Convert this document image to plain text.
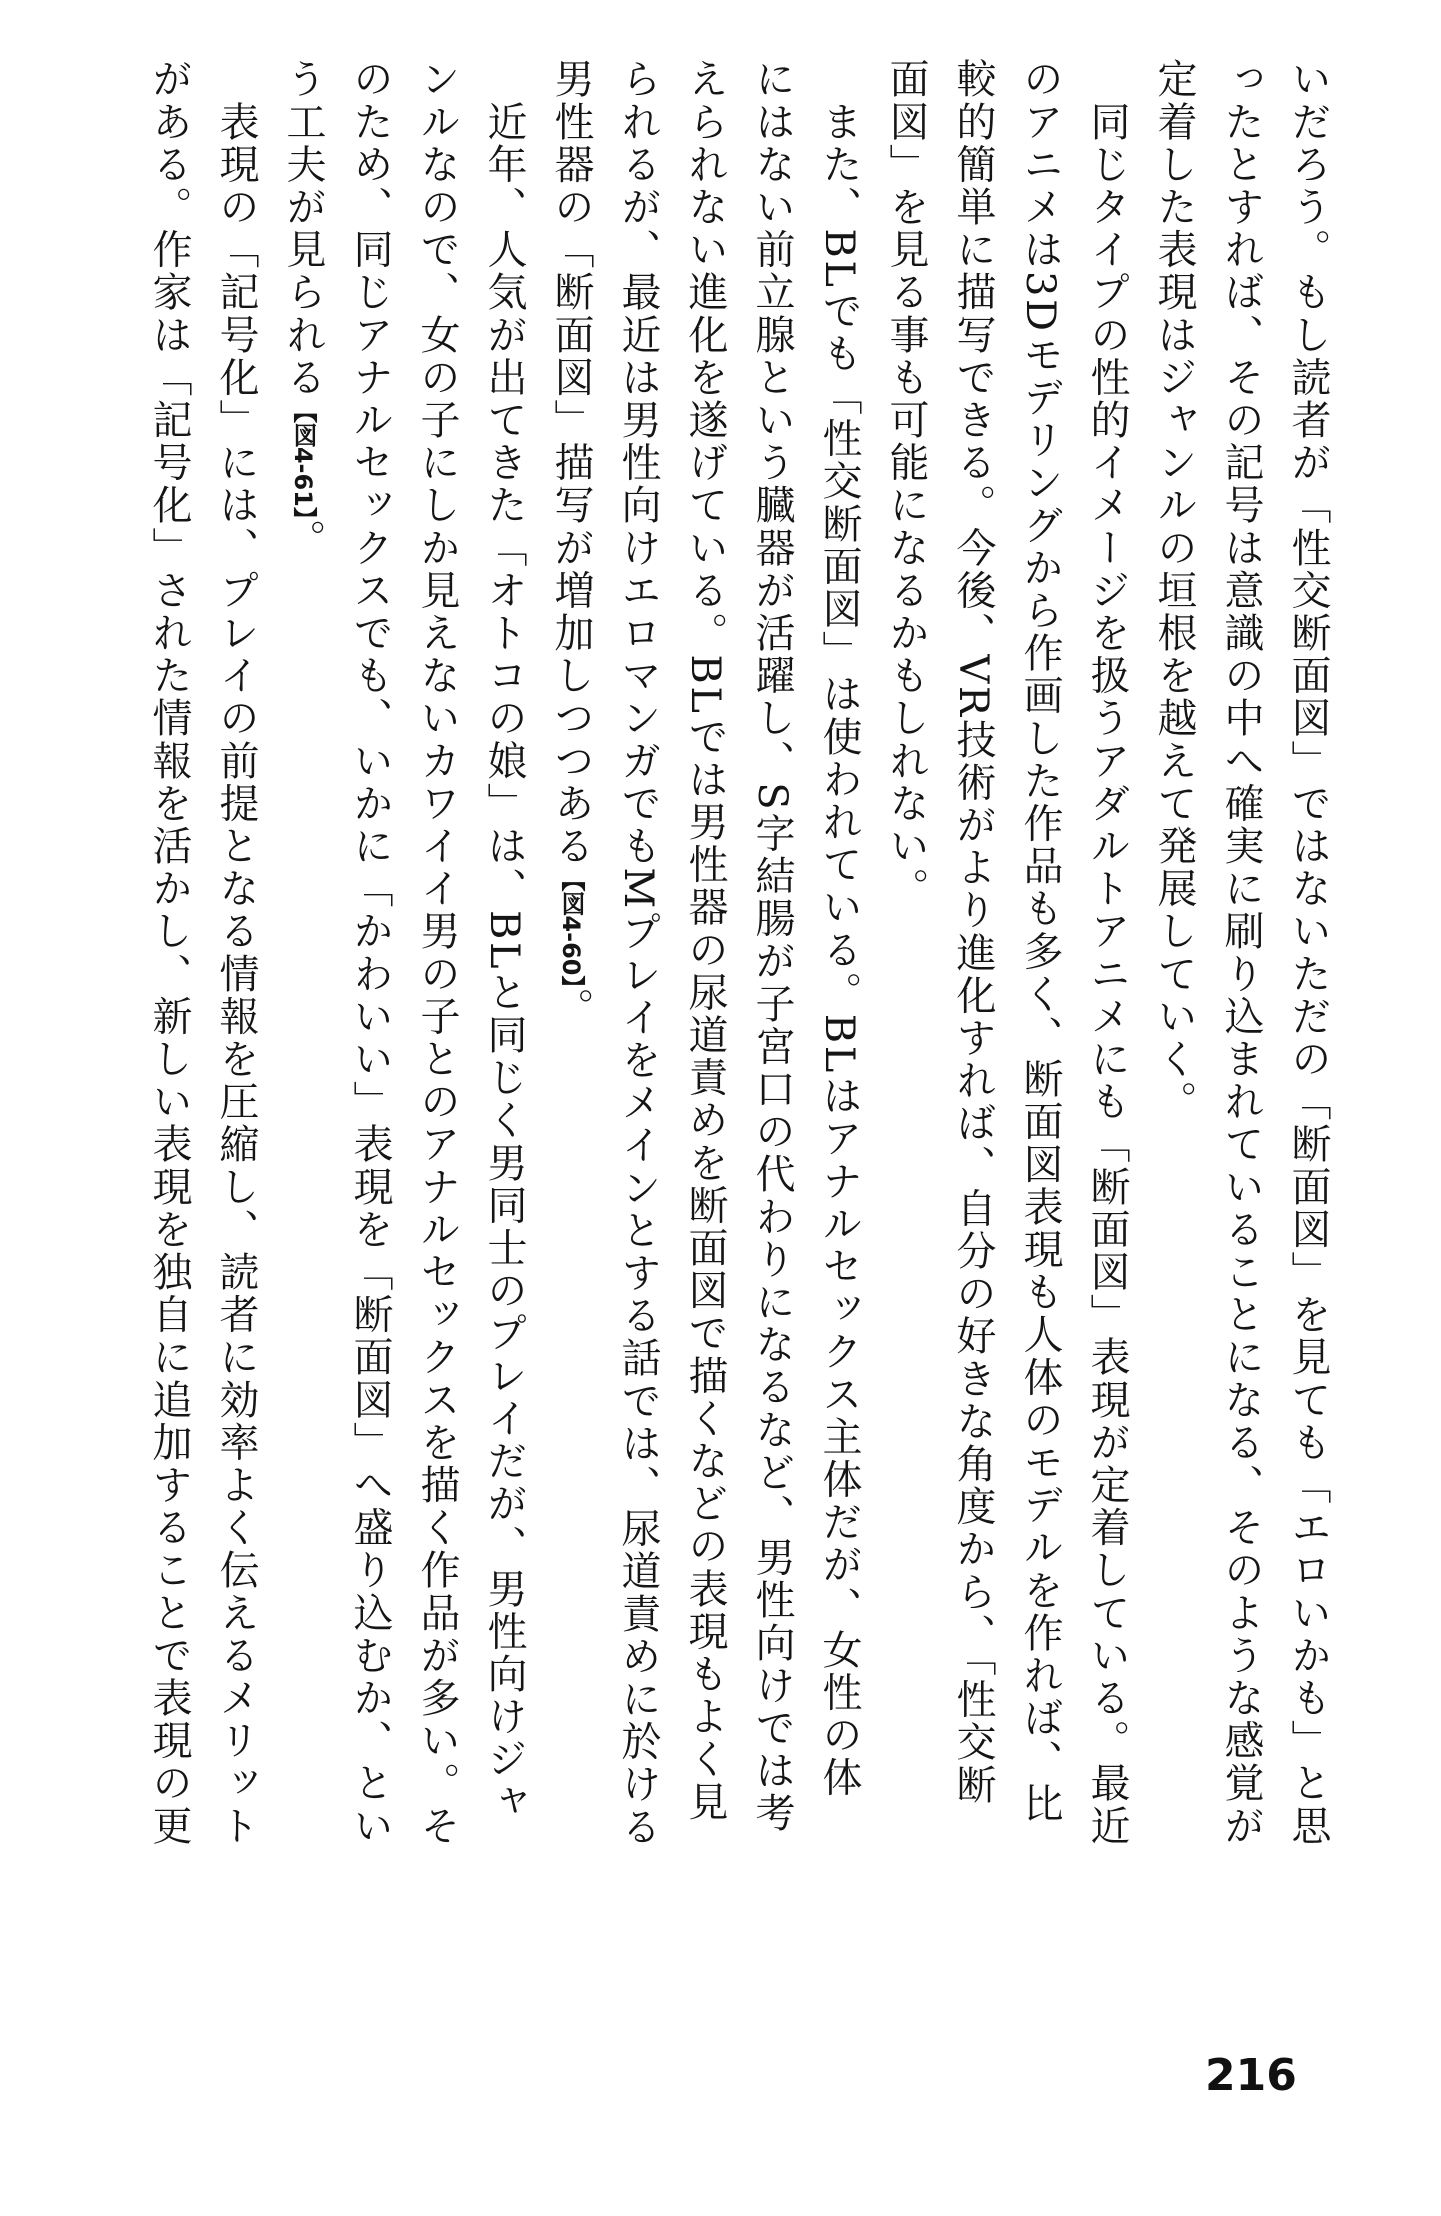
いだろう。もし読者が「性交断面図」ではないただの「断面図」を見ても「エロいかも」と思
ったとすれば、その記号は意識の中へ確実に刷り込まれていることになる、そのような感覚が
定着した表現はジャンルの垣根を越えて発展していく。
　同じタイプの性的イメージを扱うアダルトアニメにも「断面図」表現が定着している。最近
のアニメは3Dモデリングから作画した作品も多く、断面図表現も人体のモデルを作れば、比
較的簡単に描写できる。今後、VR技術がより進化すれば、自分の好きな角度から、「性交断
面図」を見る事も可能になるかもしれない。
　また、BLでも「性交断面図」は使われている。BLはアナルセックス主体だが、女性の体
にはない前立腺という臓器が活躍し、S字結腸が子宮口の代わりになるなど、男性向けでは考
えられない進化を遂げている。BLでは男性器の尿道責めを断面図で描くなどの表現もよく見
られるが、最近は男性向けエロマンガでもMプレイをメインとする話では、尿道責めに於ける
男性器の「断面図」描写が増加しつつある【図4-60】。
　近年、人気が出てきた「オトコの娘」は、BLと同じく男同士のプレイだが、男性向けジャ
ンルなので、女の子にしか見えないカワイイ男の子とのアナルセックスを描く作品が多い。そ
のため、同じアナルセックスでも、いかに「かわいい」表現を「断面図」へ盛り込むか、とい
う工夫が見られる【図4-61】。
　表現の「記号化」には、プレイの前提となる情報を圧縮し、読者に効率よく伝えるメリット
がある。作家は「記号化」された情報を活かし、新しい表現を独自に追加することで表現の更
216
